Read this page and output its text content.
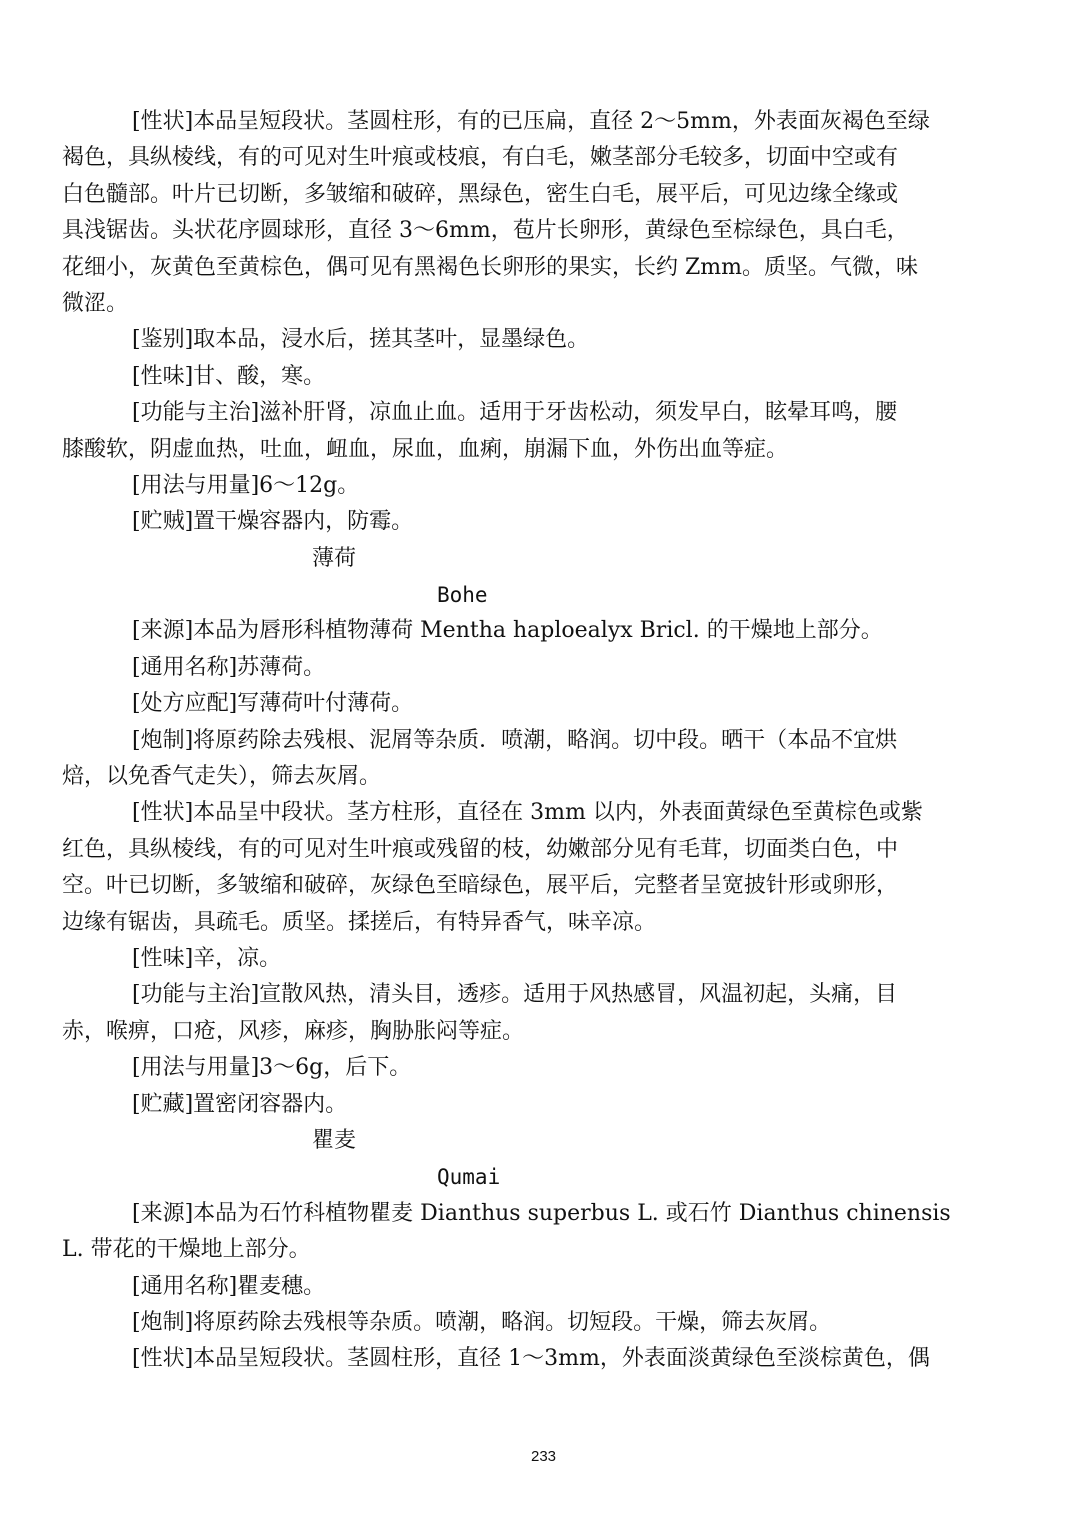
[性状]本品呈短段状。茎圆柱形，有的已压扁，直径 2～5mm，外表面灰褐色至绿
褐色，具纵棱线，有的可见对生叶痕或枝痕，有白毛，嫩茎部分毛较多，切面中空或有
白色髓部。叶片已切断，多皱缩和破碎，黑绿色，密生白毛，展平后，可见边缘全缘或
具浅锯齿。头状花序圆球形，直径 3～6mm，苞片长卵形，黄绿色至棕绿色，具白毛，
花细小，灰黄色至黄棕色，偶可见有黑褐色长卵形的果实，长约 Zmm。质坚。气微，味
微涩。
[鉴别]取本品，浸水后，搓其茎叶，显墨绿色。
[性味]甘、酸，寒。
[功能与主治]滋补肝肾，凉血止血。适用于牙齿松动，须发早白，眩晕耳鸣，腰
膝酸软，阴虚血热，吐血，衄血，尿血，血痢，崩漏下血，外伤出血等症。
[用法与用量]6～12g。
[贮贼]置干燥容器内，防霉。
薄荷
Bohe
[来源]本品为唇形科植物薄荷 Mentha haploealyx Bricl. 的干燥地上部分。
[通用名称]苏薄荷。
[处方应配]写薄荷叶付薄荷。
[炮制]将原药除去残根、泥屑等杂质．喷潮，略润。切中段。晒干（本品不宜烘
焙，以免香气走失），筛去灰屑。
[性状]本品呈中段状。茎方柱形，直径在 3mm 以内，外表面黄绿色至黄棕色或紫
红色，具纵棱线，有的可见对生叶痕或残留的枝，幼嫩部分见有毛茸，切面类白色，中
空。叶已切断，多皱缩和破碎，灰绿色至暗绿色，展平后，完整者呈宽披针形或卵形，
边缘有锯齿，具疏毛。质坚。揉搓后，有特异香气，味辛凉。
[性味]辛，凉。
[功能与主治]宣散风热，清头目，透疹。适用于风热感冒，风温初起，头痛，目
赤，喉痹，口疮，风疹，麻疹，胸胁胀闷等症。
[用法与用量]3～6g，后下。
[贮藏]置密闭容器内。
瞿麦
Qumai
[来源]本品为石竹科植物瞿麦 Dianthus superbus L. 或石竹 Dianthus chinensis
L. 带花的干燥地上部分。
[通用名称]瞿麦穗。
[炮制]将原药除去残根等杂质。喷潮，略润。切短段。干燥，筛去灰屑。
[性状]本品呈短段状。茎圆柱形，直径 1～3mm，外表面淡黄绿色至淡棕黄色，偶
233
